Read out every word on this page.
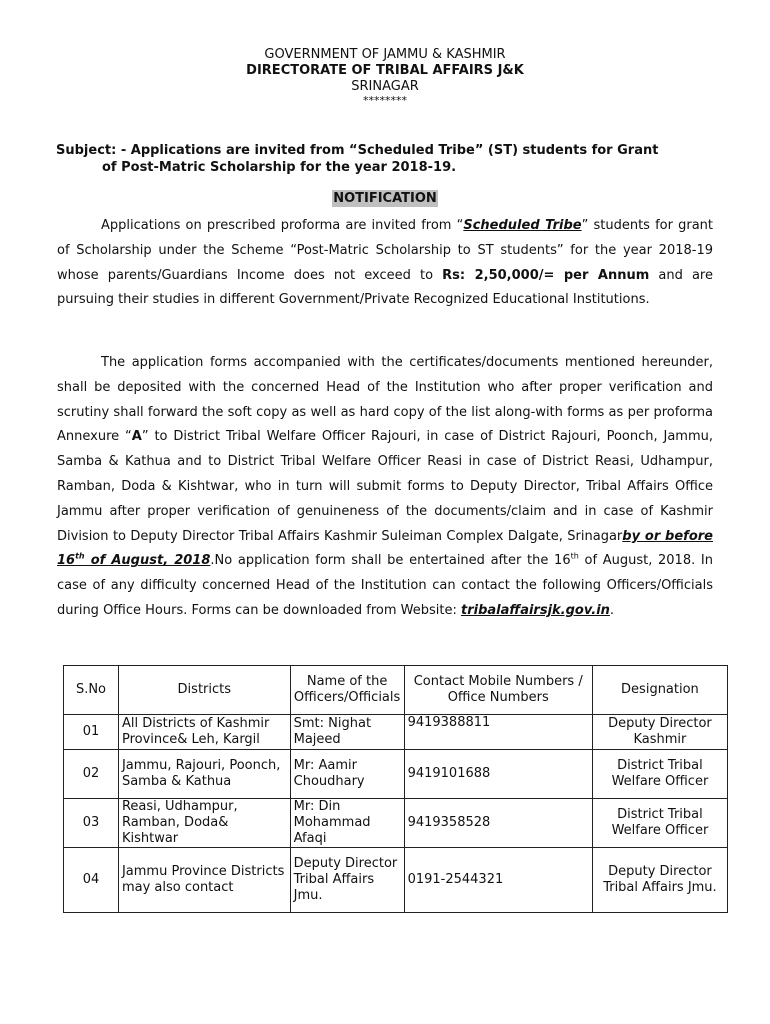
GOVERNMENT OF JAMMU & KASHMIR
DIRECTORATE OF TRIBAL AFFAIRS J&K
SRINAGAR
********
Subject: - Applications are invited from “Scheduled Tribe” (ST) students for Grant
of Post-Matric Scholarship for the year 2018-19.
NOTIFICATION
Applications on prescribed proforma are invited from “Scheduled Tribe” students for grant of Scholarship under the Scheme “Post-Matric Scholarship to ST students” for the year 2018-19 whose parents/Guardians Income does not exceed to Rs: 2,50,000/= per Annum and are pursuing their studies in different Government/Private Recognized Educational Institutions.
The application forms accompanied with the certificates/documents mentioned hereunder, shall be deposited with the concerned Head of the Institution who after proper verification and scrutiny shall forward the soft copy as well as hard copy of the list along-with forms as per proforma Annexure “A” to District Tribal Welfare Officer Rajouri, in case of District Rajouri, Poonch, Jammu, Samba & Kathua and to District Tribal Welfare Officer Reasi in case of District Reasi, Udhampur, Ramban, Doda & Kishtwar, who in turn will submit forms to Deputy Director, Tribal Affairs Office Jammu after proper verification of genuineness of the documents/claim and in case of Kashmir Division to Deputy Director Tribal Affairs Kashmir Suleiman Complex Dalgate, Srinagarby or before 16th of August, 2018.No application form shall be entertained after the 16th of August, 2018. In case of any difficulty concerned Head of the Institution can contact the following Officers/Officials during Office Hours. Forms can be downloaded from Website: tribalaffairsjk.gov.in.
S.No	Districts	Name of the Officers/Officials	Contact Mobile Numbers / Office Numbers	Designation
01	All Districts of Kashmir Province& Leh, Kargil	Smt: Nighat Majeed	9419388811	Deputy Director Kashmir
02	Jammu, Rajouri, Poonch, Samba & Kathua	Mr: Aamir Choudhary	9419101688	District Tribal Welfare Officer
03	Reasi, Udhampur, Ramban, Doda& Kishtwar	Mr: Din Mohammad Afaqi	9419358528	District Tribal Welfare Officer
04	Jammu Province Districts may also contact	Deputy Director Tribal Affairs Jmu.	0191-2544321	Deputy Director Tribal Affairs Jmu.
